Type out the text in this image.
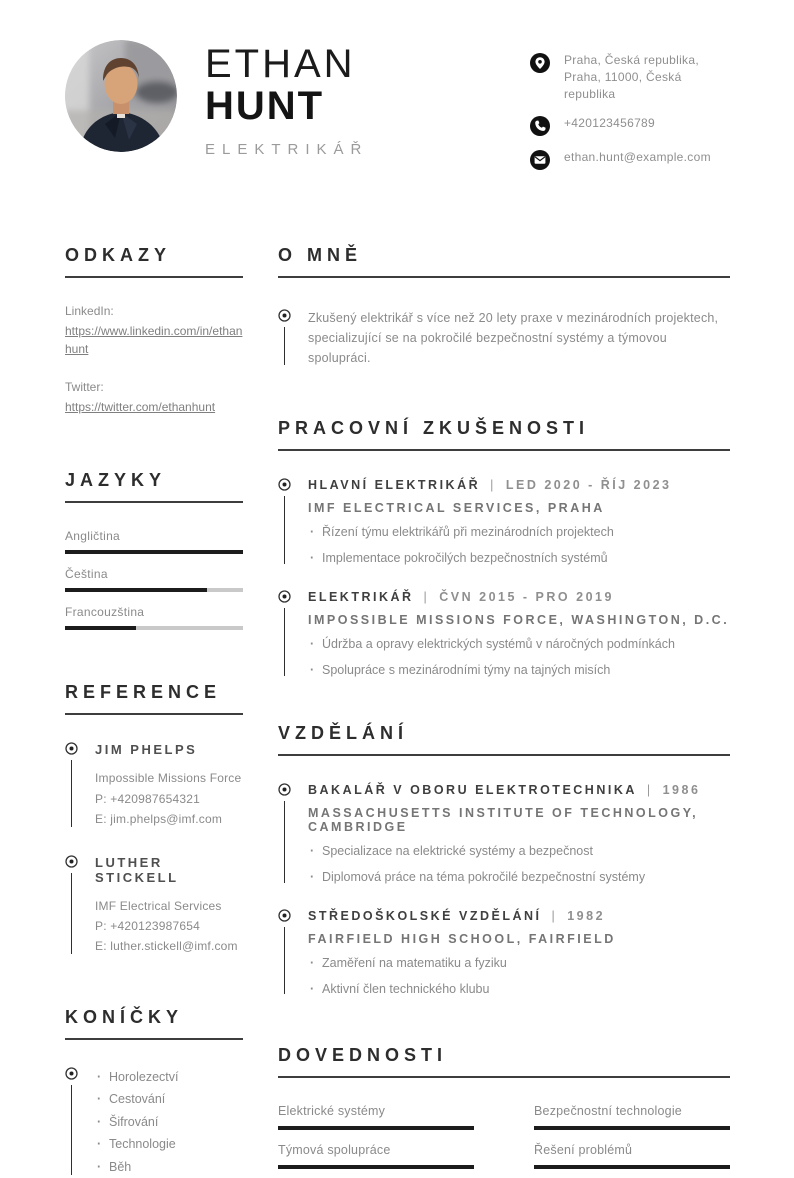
ETHAN
HUNT
ELEKTRIKÁŘ
Praha, Česká republika, Praha, 11000, Česká republika
+420123456789
ethan.hunt@example.com
ODKAZY
LinkedIn:
https://www.linkedin.com/in/ethanhunt
Twitter:
https://twitter.com/ethanhunt
JAZYKY
Angličtina
Čeština
Francouzština
REFERENCE
JIM PHELPS
Impossible Missions Force
P: +420987654321
E: jim.phelps@imf.com
LUTHER STICKELL
IMF Electrical Services
P: +420123987654
E: luther.stickell@imf.com
KONÍČKY
· Horolezectví
· Cestování
· Šifrování
· Technologie
· Běh
O MNĚ

Zkušený elektrikář s více než 20 lety praxe v mezinárodních projektech, specializující se na pokročilé bezpečnostní systémy a týmovou spolupráci.

PRACOVNÍ ZKUŠENOSTI
HLAVNÍ ELEKTRIKÁŘ | LED 2020 - ŘÍJ 2023
IMF ELECTRICAL SERVICES, PRAHA
· Řízení týmu elektrikářů při mezinárodních projektech
· Implementace pokročilých bezpečnostních systémů
ELEKTRIKÁŘ | ČVN 2015 - PRO 2019
IMPOSSIBLE MISSIONS FORCE, WASHINGTON, D.C.
· Údržba a opravy elektrických systémů v náročných podmínkách
· Spolupráce s mezinárodními týmy na tajných misích
VZDĚLÁNÍ
BAKALÁŘ V OBORU ELEKTROTECHNIKA | 1986
MASSACHUSETTS INSTITUTE OF TECHNOLOGY, CAMBRIDGE
· Specializace na elektrické systémy a bezpečnost
· Diplomová práce na téma pokročilé bezpečnostní systémy
STŘEDOŠKOLSKÉ VZDĚLÁNÍ | 1982
FAIRFIELD HIGH SCHOOL, FAIRFIELD
· Zaměření na matematiku a fyziku
· Aktivní člen technického klubu
DOVEDNOSTI
Elektrické systémy	Bezpečnostní technologie
Týmová spolupráce	Řešení problémů
